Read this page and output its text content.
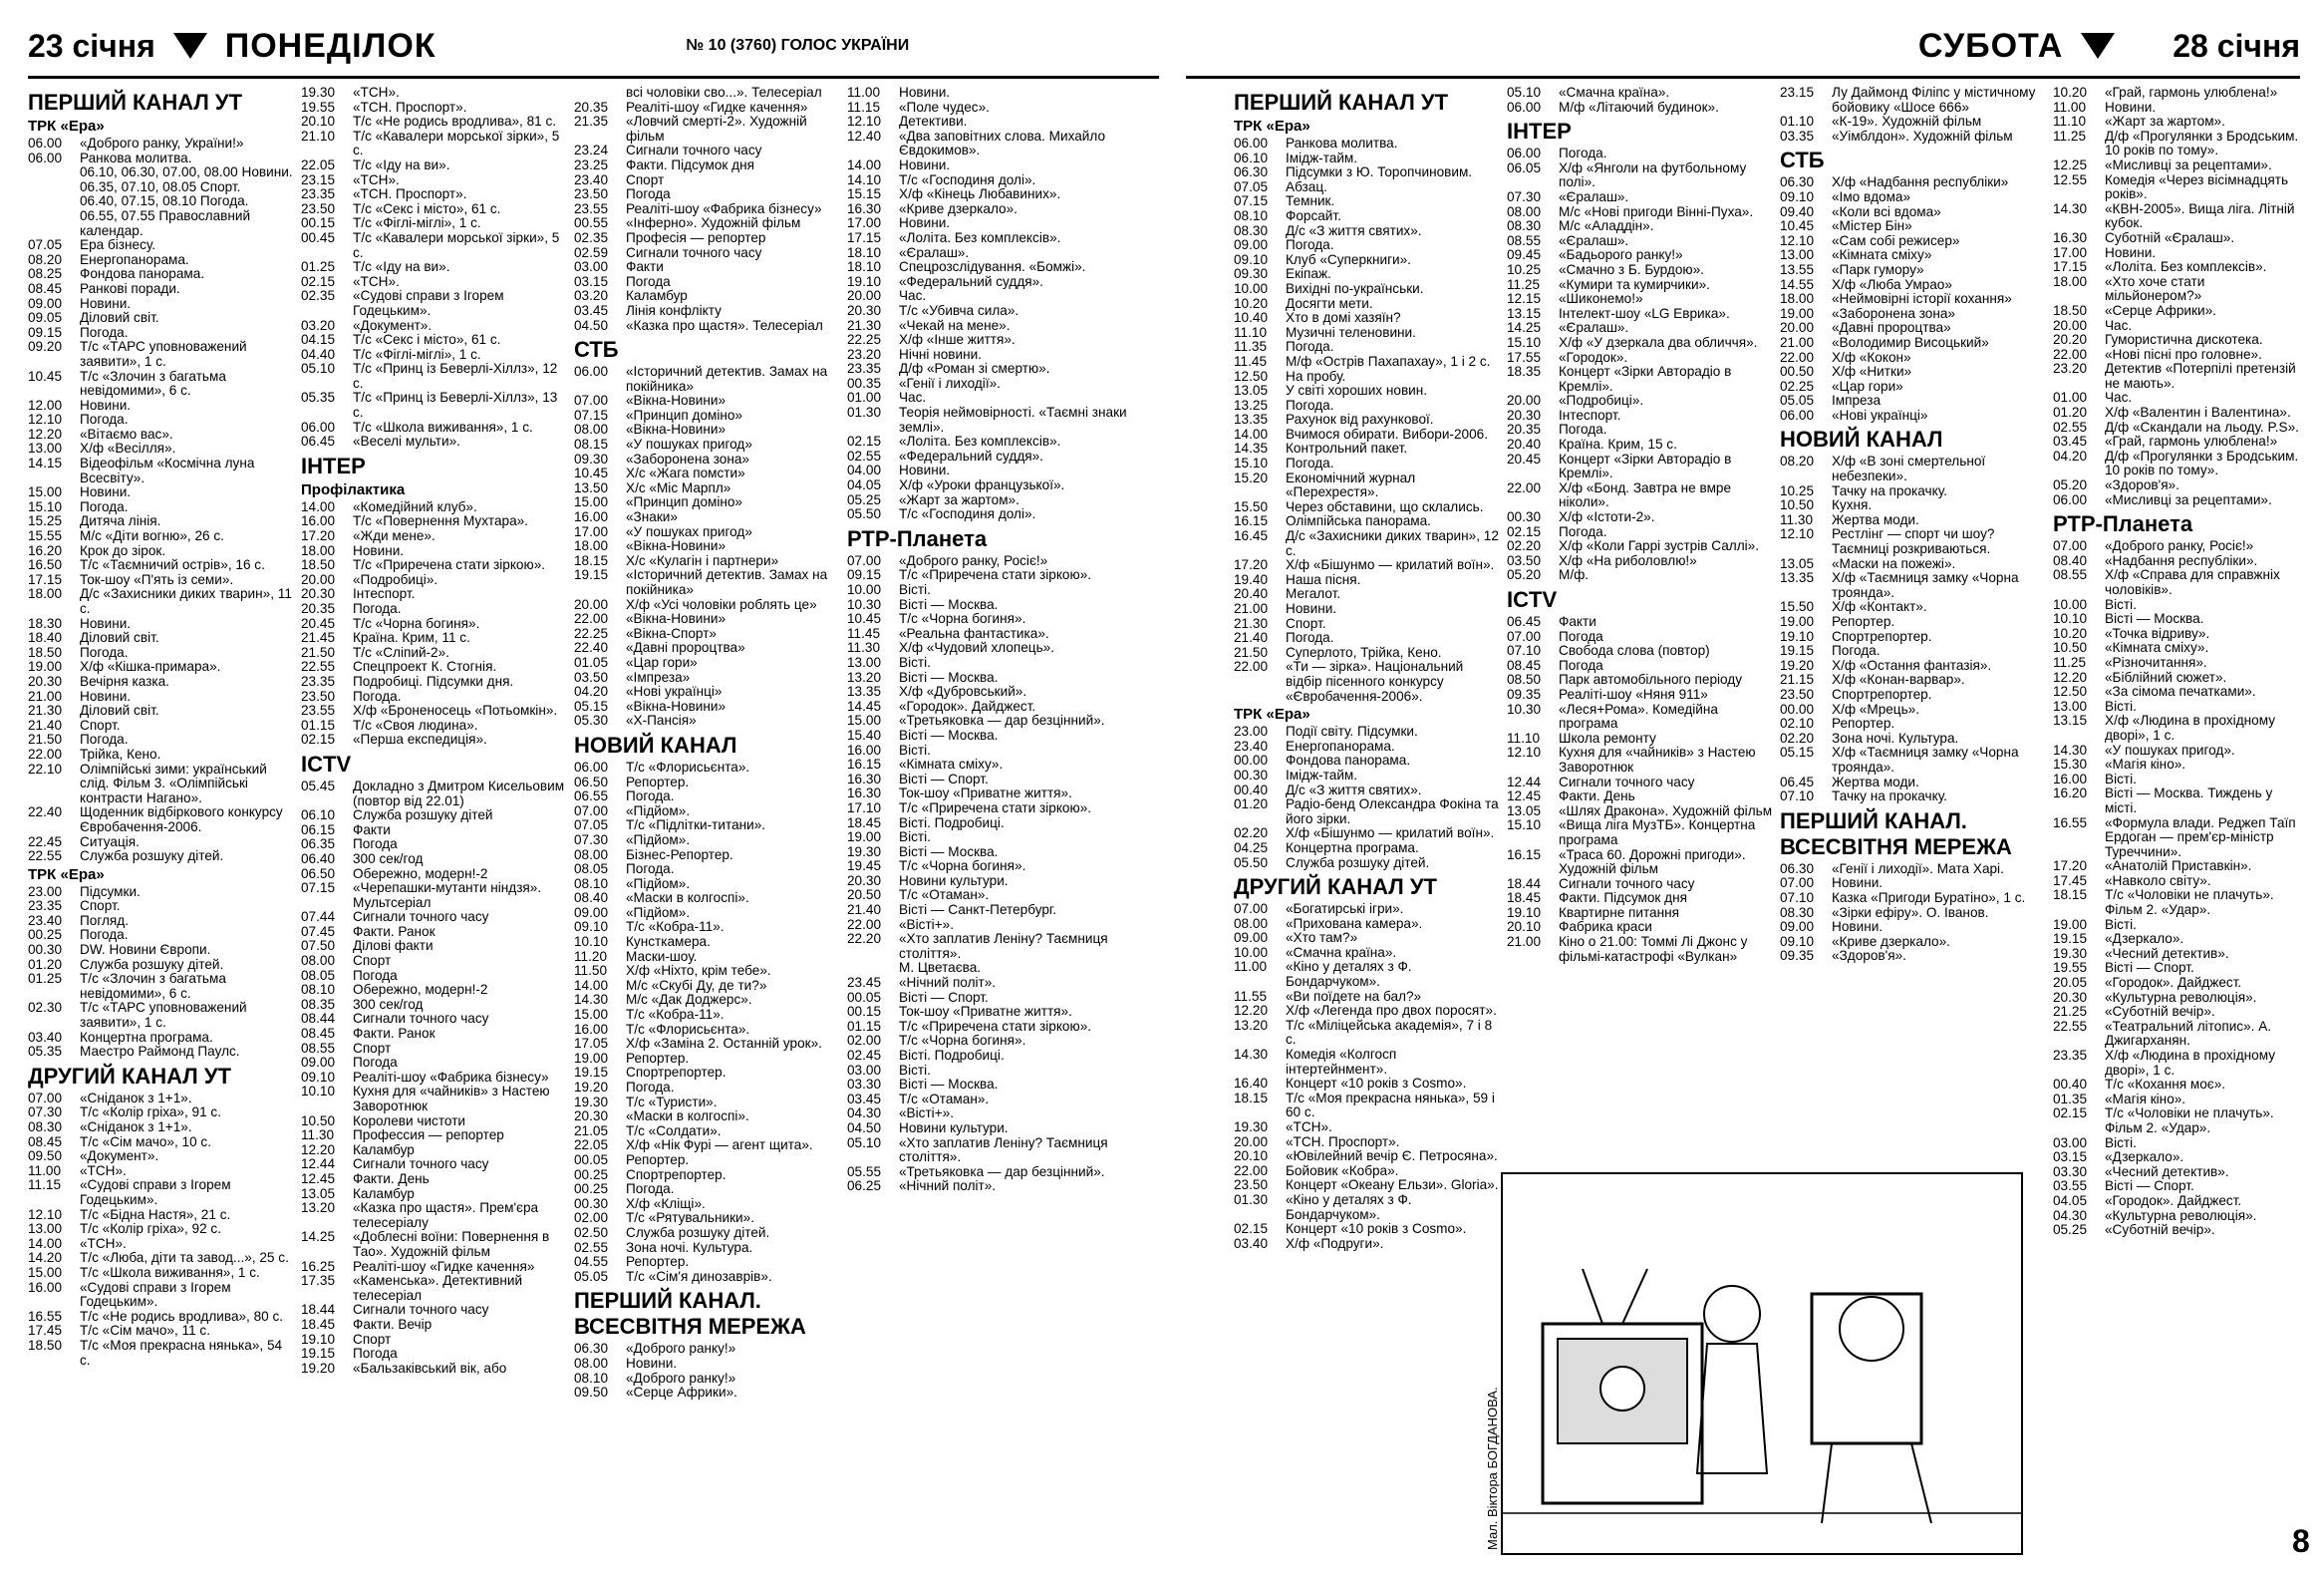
23 січня ПОНЕДІЛОК	№ 10 (3760) ГОЛОС УКРАЇНИ	СУБОТА	28 січня
ПЕРШИЙ КАНАЛ УТ
ТРК «Ера»
06.00	«Доброго ранку, України!»
06.00	Ранкова молитва.
06.10, 06.30, 07.00, 08.00 Новини.
06.35, 07.10, 08.05 Спорт.
06.40, 07.15, 08.10 Погода.
06.55, 07.55 Православний календар.
07.05	Ера бізнесу.
08.20	Енергопанорама.
08.25	Фондова панорама.
08.45	Ранкові поради.
09.00	Новини.
09.05	Діловий світ.
09.15	Погода.
09.20	Т/с «ТАРС уповноважений заявити», 1 с.
10.45	Т/с «Злочин з багатьма невідомими», 6 с.
12.00	Новини.
12.10	Погода.
12.20	«Вітаємо вас».
13.00	Х/ф «Весілля».
14.15	Відеофільм «Космічна луна Всесвіту».
15.00	Новини.
15.10	Погода.
15.25	Дитяча лінія.
15.55	М/с «Діти вогню», 26 с.
16.20	Крок до зірок.
16.50	Т/с «Таємничий острів», 16 с.
17.15	Ток-шоу «П'ять із семи».
18.00	Д/с «Захисники диких тварин», 11 с.
18.30	Новини.
18.40	Діловий світ.
18.50	Погода.
19.00	Х/ф «Кішка-примара».
20.30	Вечірня казка.
21.00	Новини.
21.30	Діловий світ.
21.40	Спорт.
21.50	Погода.
22.00	Трійка, Кено.
22.10	Олімпійські зими: український слід. Фільм 3. «Олімпійські контрасти Нагано».
22.40	Щоденник відбіркового конкурсу Євробачення-2006.
22.45	Ситуація.
22.55	Служба розшуку дітей.
ТРК «Ера»
23.00	Підсумки.
23.35	Спорт.
23.40	Погляд.
00.25	Погода.
00.30	DW. Новини Європи.
01.20	Служба розшуку дітей.
01.25	Т/с «Злочин з багатьма невідомими», 6 с.
02.30	Т/с «ТАРС уповноважений заявити», 1 с.
03.40	Концертна програма.
05.35	Маестро Раймонд Паулс.
ДРУГИЙ КАНАЛ УТ
07.00	«Сніданок з 1+1».
07.30	Т/с «Колір гріха», 91 с.
08.30	«Сніданок з 1+1».
08.45	Т/с «Сім мачо», 10 с.
09.50	«Документ».
11.00	«ТСН».
11.15	«Судові справи з Ігорем Годецьким».
12.10	Т/с «Бідна Настя», 21 с.
13.00	Т/с «Колір гріха», 92 с.
14.00	«ТСН».
14.20	Т/с «Люба, діти та завод...», 25 с.
15.00	Т/с «Школа виживання», 1 с.
16.00	«Судові справи з Ігорем Годецьким».
16.55	Т/с «Не родись вродлива», 80 с.
17.45	Т/с «Сім мачо», 11 с.
18.50	Т/с «Моя прекрасна нянька», 54 с.
19.30	«ТСН».
19.55	«ТСН. Проспорт».
20.10	Т/с «Не родись вродлива», 81 с.
21.10	Т/с «Кавалери морської зірки», 5 с.
22.05	Т/с «Іду на ви».
23.15	«ТСН».
23.35	«ТСН. Проспорт».
23.50	Т/с «Секс і місто», 61 с.
00.15	Т/с «Фіглі-міглі», 1 с.
00.45	Т/с «Кавалери морської зірки», 5 с.
01.25	Т/с «Іду на ви».
02.15	«ТСН».
02.35	«Судові справи з Ігорем Годецьким».
03.20	«Документ».
04.15	Т/с «Секс і місто», 61 с.
04.40	Т/с «Фіглі-міглі», 1 с.
05.10	Т/с «Принц із Беверлі-Хіллз», 12 с.
05.35	Т/с «Принц із Беверлі-Хіллз», 13 с.
06.00	Т/с «Школа виживання», 1 с.
06.45	«Веселі мульти».
ІНТЕР
Профілактика
14.00	«Комедійний клуб».
16.00	Т/с «Повернення Мухтара».
17.20	«Жди мене».
18.00	Новини.
18.50	Т/с «Приречена стати зіркою».
20.00	«Подробиці».
20.30	Інтеспорт.
20.35	Погода.
20.45	Т/с «Чорна богиня».
21.45	Країна. Крим, 11 с.
21.50	Т/с «Сліпий-2».
22.55	Спецпроект К. Стогнія.
23.35	Подробиці. Підсумки дня.
23.50	Погода.
23.55	Х/ф «Броненосець «Потьомкін».
01.15	Т/с «Своя людина».
02.15	«Перша експедиція».
ICTV
05.45	Докладно з Дмитром Кисельовим (повтор від 22.01)
06.10	Служба розшуку дітей
06.15	Факти
06.35	Погода
06.40	300 сек/год
06.50	Обережно, модерн!-2
07.15	«Черепашки-мутанти ніндзя». Мультсеріал
07.44	Сигнали точного часу
07.45	Факти. Ранок
07.50	Ділові факти
08.00	Спорт
08.05	Погода
08.10	Обережно, модерн!-2
08.35	300 сек/год
08.44	Сигнали точного часу
08.45	Факти. Ранок
08.55	Спорт
09.00	Погода
09.10	Реаліті-шоу «Фабрика бізнесу»
10.10	Кухня для «чайників» з Настею Заворотнюк
10.50	Королеви чистоти
11.30	Профессия — репортер
12.20	Каламбур
12.44	Сигнали точного часу
12.45	Факти. День
13.05	Каламбур
13.20	«Казка про щастя». Прем'єра телесеріалу
14.25	«Доблесні воїни: Повернення в Тао». Художній фільм
16.25	Реаліті-шоу «Гидке качення»
17.35	«Каменська». Детективний телесеріал
18.44	Сигнали точного часу
18.45	Факти. Вечір
19.10	Спорт
19.15	Погода
19.20	«Бальзаківський вік, або
всі чоловіки сво...». Телесеріал
20.35	Реаліті-шоу «Гидке качення»
21.35	«Ловчий смерті-2». Художній фільм
23.24	Сигнали точного часу
23.25	Факти. Підсумок дня
23.40	Спорт
23.50	Погода
23.55	Реаліті-шоу «Фабрика бізнесу»
00.55	«Інферно». Художній фільм
02.35	Професія — репортер
02.59	Сигнали точного часу
03.00	Факти
03.15	Погода
03.20	Каламбур
03.45	Лінія конфлікту
04.50	«Казка про щастя». Телесеріал
СТБ
06.00	«Історичний детектив. Замах на покійника»
07.00	«Вікна-Новини»
07.15	«Принцип доміно»
08.00	«Вікна-Новини»
08.15	«У пошуках пригод»
09.30	«Заборонена зона»
10.45	Х/с «Жага помсти»
13.50	Х/с «Міс Марпл»
15.00	«Принцип доміно»
16.00	«Знаки»
17.00	«У пошуках пригод»
18.00	«Вікна-Новини»
18.15	Х/с «Кулагін і партнери»
19.15	«Історичний детектив. Замах на покійника»
20.00	Х/ф «Усі чоловіки роблять це»
22.00	«Вікна-Новини»
22.25	«Вікна-Спорт»
22.40	«Давні пророцтва»
01.05	«Цар гори»
03.50	«Імпреза»
04.20	«Нові українці»
05.15	«Вікна-Новини»
05.30	«Х-Пансія»
НОВИЙ КАНАЛ
06.00	Т/с «Флорисьєнта».
06.50	Репортер.
06.55	Погода.
07.00	«Підйом».
07.05	Т/с «Підлітки-титани».
07.30	«Підйом».
08.00	Бізнес-Репортер.
08.05	Погода.
08.10	«Підйом».
08.40	«Маски в колгоспі».
09.00	«Підйом».
09.10	Т/с «Кобра-11».
10.10	Кунсткамера.
11.20	Маски-шоу.
11.50	Х/ф «Ніхто, крім тебе».
14.00	М/с «Скубі Ду, де ти?»
14.30	М/с «Дак Доджерс».
15.00	Т/с «Кобра-11».
16.00	Т/с «Флорисьєнта».
17.05	Х/ф «Заміна 2. Останній урок».
19.00	Репортер.
19.15	Спортрепортер.
19.20	Погода.
19.30	Т/с «Туристи».
20.30	«Маски в колгоспі».
21.05	Т/с «Солдати».
22.05	Х/ф «Нік Фурі — агент щита».
00.05	Репортер.
00.25	Спортрепортер.
00.25	Погода.
00.30	Х/ф «Кліщі».
02.00	Т/с «Рятувальники».
02.50	Служба розшуку дітей.
02.55	Зона ночі. Культура.
04.55	Репортер.
05.05	Т/с «Сім'я динозаврів».
ПЕРШИЙ КАНАЛ.
ВСЕСВІТНЯ МЕРЕЖА
06.30	«Доброго ранку!»
08.00	Новини.
08.10	«Доброго ранку!»
09.50	«Серце Африки».
11.00	Новини.
11.15	«Поле чудес».
12.10	Детективи.
12.40	«Два заповітних слова. Михайло Євдокимов».
14.00	Новини.
14.10	Т/с «Господиня долі».
15.15	Х/ф «Кінець Любавиних».
16.30	«Криве дзеркало».
17.00	Новини.
17.15	«Лоліта. Без комплексів».
18.10	«Єралаш».
18.10	Спецрозслідування. «Бомжі».
19.10	«Федеральний суддя».
20.00	Час.
20.30	Т/с «Убивча сила».
21.30	«Чекай на мене».
22.25	Х/ф «Інше життя».
23.20	Нічні новини.
23.35	Д/ф «Роман зі смертю».
00.35	«Генії і лиходії».
01.00	Час.
01.30	Теорія неймовірності. «Таємні знаки землі».
02.15	«Лоліта. Без комплексів».
02.55	«Федеральний суддя».
04.00	Новини.
04.05	Х/ф «Уроки французької».
05.25	«Жарт за жартом».
05.50	Т/с «Господиня долі».
РТР-Планета
07.00	«Доброго ранку, Росіє!»
09.15	Т/с «Приречена стати зіркою».
10.00	Вісті.
10.30	Вісті — Москва.
10.45	Т/с «Чорна богиня».
11.45	«Реальна фантастика».
11.30	Х/ф «Чудовий хлопець».
13.00	Вісті.
13.20	Вісті — Москва.
13.35	Х/ф «Дубровський».
14.45	«Городок». Дайджест.
15.00	«Третьяковка — дар безцінний».
15.40	Вісті — Москва.
16.00	Вісті.
16.15	«Кімната сміху».
16.30	Вісті — Спорт.
16.30	Ток-шоу «Приватне життя».
17.10	Т/с «Приречена стати зіркою».
18.45	Вісті. Подробиці.
19.00	Вісті.
19.30	Вісті — Москва.
19.45	Т/с «Чорна богиня».
20.30	Новини культури.
20.50	Т/с «Отаман».
21.40	Вісті — Санкт-Петербург.
22.00	«Вісті+».
22.20	«Хто заплатив Леніну? Таємниця століття».
М. Цветаєва.
23.45	«Нічний політ».
00.05	Вісті — Спорт.
00.15	Ток-шоу «Приватне життя».
01.15	Т/с «Приречена стати зіркою».
02.00	Т/с «Чорна богиня».
02.45	Вісті. Подробиці.
03.00	Вісті.
03.30	Вісті — Москва.
03.45	Т/с «Отаман».
04.30	«Вісті+».
04.50	Новини культури.
05.10	«Хто заплатив Леніну? Таємниця століття».
05.55	«Третьяковка — дар безцінний».
06.25	«Нічний політ».
ПЕРШИЙ КАНАЛ УТ
ТРК «Ера»
06.00	Ранкова молитва.
06.10	Імідж-тайм.
06.30	Підсумки з Ю. Торопчиновим.
07.05	Абзац.
07.15	Темник.
08.10	Форсайт.
08.30	Д/с «З життя святих».
09.00	Погода.
09.10	Клуб «Суперкниги».
09.30	Екіпаж.
10.00	Вихідні по-українськи.
10.20	Досягти мети.
10.40	Хто в домі хазяїн?
11.10	Музичні теленовини.
11.35	Погода.
11.45	М/ф «Острів Пахапахау», 1 і 2 с.
12.50	На пробу.
13.05	У світі хороших новин.
13.25	Погода.
13.35	Рахунок від рахункової.
14.00	Вчимося обирати. Вибори-2006.
14.35	Контрольний пакет.
15.10	Погода.
15.20	Економічний журнал «Перехрестя».
15.50	Через обставини, що склались.
16.15	Олімпійська панорама.
16.45	Д/с «Захисники диких тварин», 12 с.
17.20	Х/ф «Бішунмо — крилатий воїн».
19.40	Наша пісня.
20.40	Мегалот.
21.00	Новини.
21.30	Спорт.
21.40	Погода.
21.50	Суперлото, Трійка, Кено.
22.00	«Ти — зірка». Національний відбір пісенного конкурсу «Євробачення-2006».
ТРК «Ера»
23.00	Події світу. Підсумки.
23.40	Енергопанорама.
00.00	Фондова панорама.
00.30	Імідж-тайм.
00.40	Д/с «З життя святих».
01.20	Радіо-бенд Олександра Фокіна та його зірки.
02.20	Х/ф «Бішунмо — крилатий воїн».
04.25	Концертна програма.
05.50	Служба розшуку дітей.
ДРУГИЙ КАНАЛ УТ
07.00	«Богатирські ігри».
08.00	«Прихована камера».
09.00	«Хто там?»
10.00	«Смачна країна».
11.00	«Кіно у деталях з Ф. Бондарчуком».
11.55	«Ви поїдете на бал?»
12.20	Х/ф «Легенда про двох поросят».
13.20	Т/с «Міліцейська академія», 7 і 8 с.
14.30	Комедія «Колгосп інтертейнмент».
16.40	Концерт «10 років з Cosmo».
18.15	Т/с «Моя прекрасна нянька», 59 і 60 с.
19.30	«ТСН».
20.00	«ТСН. Проспорт».
20.10	«Ювілейний вечір Є. Петросяна».
22.00	Бойовик «Кобра».
23.50	Концерт «Океану Ельзи». Gloria».
01.30	«Кіно у деталях з Ф. Бондарчуком».
02.15	Концерт «10 років з Cosmo».
03.40	Х/ф «Подруги».
05.10	«Смачна країна».
06.00	М/ф «Літаючий будинок».
ІНТЕР
06.00	Погода.
06.05	Х/ф «Янголи на футбольному полі».
07.30	«Єралаш».
08.00	М/с «Нові пригоди Вінні-Пуха».
08.30	М/с «Аладдін».
08.55	«Єралаш».
09.45	«Бадьорого ранку!»
10.25	«Смачно з Б. Бурдою».
11.25	«Кумири та кумирчики».
12.15	«Шиконемо!»
13.15	Інтелект-шоу «LG Еврика».
14.25	«Єралаш».
15.10	Х/ф «У дзеркала два обличчя».
17.55	«Городок».
18.35	Концерт «Зірки Авторадіо в Кремлі».
20.00	«Подробиці».
20.30	Інтеспорт.
20.35	Погода.
20.40	Країна. Крим, 15 с.
20.45	Концерт «Зірки Авторадіо в Кремлі».
22.00	Х/ф «Бонд. Завтра не вмре ніколи».
00.30	Х/ф «Істоти-2».
02.15	Погода.
02.20	Х/ф «Коли Гаррі зустрів Саллі».
03.50	Х/ф «На риболовлю!»
05.20	М/ф.
ICTV
06.45	Факти
07.00	Погода
07.10	Свобода слова (повтор)
08.45	Погода
08.50	Парк автомобільного періоду
09.35	Реаліті-шоу «Няня 911»
10.30	«Леся+Рома». Комедійна програма
11.10	Школа ремонту
12.10	Кухня для «чайників» з Настею Заворотнюк
12.44	Сигнали точного часу
12.45	Факти. День
13.05	«Шлях Дракона». Художній фільм
15.10	«Вища ліга МузТБ». Концертна програма
16.15	«Траса 60. Дорожні пригоди». Художній фільм
18.44	Сигнали точного часу
18.45	Факти. Підсумок дня
19.10	Квартирне питання
20.10	Фабрика краси
21.00	Кіно о 21.00: Томмі Лі Джонс у фільмі-катастрофі «Вулкан»
23.15	Лу Даймонд Філіпс у містичному бойовику «Шосе 666»
01.10	«К-19». Художній фільм
03.35	«Уімблдон». Художній фільм
СТБ
06.30	Х/ф «Надбання республіки»
09.10	«Імо вдома»
09.40	«Коли всі вдома»
10.45	«Містер Бін»
12.10	«Сам собі режисер»
13.00	«Кімната сміху»
13.55	«Парк гумору»
14.55	Х/ф «Люба Умрао»
18.00	«Неймовірні історії кохання»
19.00	«Заборонена зона»
20.00	«Давні пророцтва»
21.00	«Володимир Висоцький»
22.00	Х/ф «Кокон»
00.50	Х/ф «Нитки»
02.25	«Цар гори»
05.05	Імпреза
06.00	«Нові українці»
НОВИЙ КАНАЛ
08.20	Х/ф «В зоні смертельної небезпеки».
10.25	Тачку на прокачку.
10.50	Кухня.
11.30	Жертва моди.
12.10	Рестлінг — спорт чи шоу? Таємниці розкриваються.
13.05	«Маски на пожежі».
13.35	Х/ф «Таємниця замку «Чорна троянда».
15.50	Х/ф «Контакт».
19.00	Репортер.
19.10	Спортрепортер.
19.15	Погода.
19.20	Х/ф «Остання фантазія».
21.15	Х/ф «Конан-варвар».
23.50	Спортрепортер.
00.00	Х/ф «Мрець».
02.10	Репортер.
02.20	Зона ночі. Культура.
05.15	Х/ф «Таємниця замку «Чорна троянда».
06.45	Жертва моди.
07.10	Тачку на прокачку.
ПЕРШИЙ КАНАЛ.
ВСЕСВІТНЯ МЕРЕЖА
06.30	«Генії і лиходії». Мата Харі.
07.00	Новини.
07.10	Казка «Пригоди Буратіно», 1 с.
08.30	«Зірки ефіру». О. Іванов.
09.00	Новини.
09.10	«Криве дзеркало».
09.35	«Здоров'я».
10.20	«Грай, гармонь улюблена!»
11.00	Новини.
11.10	«Жарт за жартом».
11.25	Д/ф «Прогулянки з Бродським. 10 років по тому».
12.25	«Мисливці за рецептами».
12.55	Комедія «Через вісімнадцять років».
14.30	«КВН-2005». Вища ліга. Літній кубок.
16.30	Суботній «Єралаш».
17.00	Новини.
17.15	«Лоліта. Без комплексів».
18.00	«Хто хоче стати мільйонером?»
18.50	«Серце Африки».
20.00	Час.
20.20	Гумористична дискотека.
22.00	«Нові пісні про головне».
23.20	Детектив «Потерпілі претензій не мають».
01.00	Час.
01.20	Х/ф «Валентин і Валентина».
02.55	Д/ф «Скандали на льоду. P.S».
03.45	«Грай, гармонь улюблена!»
04.20	Д/ф «Прогулянки з Бродським. 10 років по тому».
05.20	«Здоров'я».
06.00	«Мисливці за рецептами».
РТР-Планета
07.00	«Доброго ранку, Росіє!»
08.40	«Надбання республіки».
08.55	Х/ф «Справа для справжніх чоловіків».
10.00	Вісті.
10.10	Вісті — Москва.
10.20	«Точка відриву».
10.50	«Кімната сміху».
11.25	«Різночитання».
12.20	«Біблійний сюжет».
12.50	«За сімома печатками».
13.00	Вісті.
13.15	Х/ф «Людина в прохідному дворі», 1 с.
14.30	«У пошуках пригод».
15.30	«Магія кіно».
16.00	Вісті.
16.20	Вісті — Москва. Тиждень у місті.
16.55	«Формула влади. Реджеп Таїп Ердоган — прем'єр-міністр Туреччини».
17.20	«Анатолій Приставкін».
17.45	«Навколо світу».
18.15	Т/с «Чоловіки не плачуть». Фільм 2. «Удар».
19.00	Вісті.
19.15	«Дзеркало».
19.30	«Чесний детектив».
19.55	Вісті — Спорт.
20.05	«Городок». Дайджест.
20.30	«Культурна революція».
21.25	«Суботній вечір».
22.55	«Театральний літопис». А. Джигарханян.
23.35	Х/ф «Людина в прохідному дворі», 1 с.
00.40	Т/с «Кохання моє».
01.35	«Магія кіно».
02.15	Т/с «Чоловіки не плачуть». Фільм 2. «Удар».
03.00	Вісті.
03.15	«Дзеркало».
03.30	«Чесний детектив».
03.55	Вісті — Спорт.
04.05	«Городок». Дайджест.
04.30	«Культурна революція».
05.25	«Суботній вечір».
Мал. Віктора БОГДАНОВА.	8
